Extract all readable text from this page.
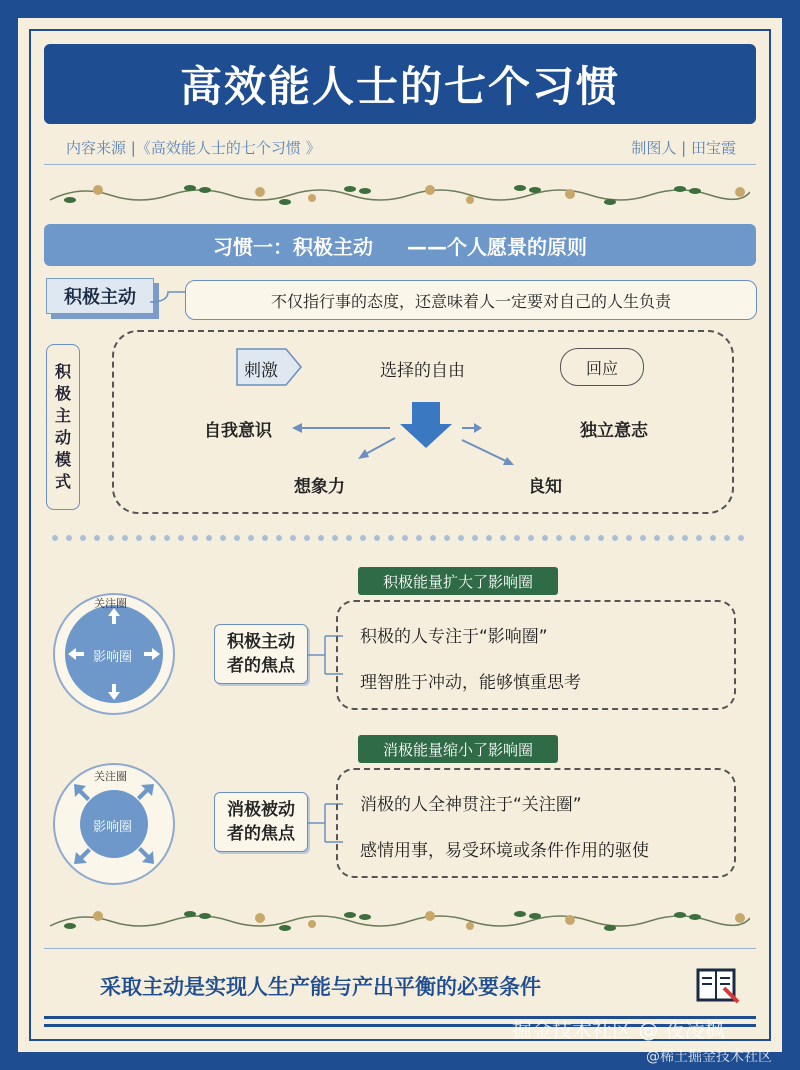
高效能人士的七个习惯
内容来源 |《高效能人士的七个习惯 》	制图人 | 田宝霞
习惯一：积极主动 ——个人愿景的原则
积极主动	不仅指行事的态度，还意味着人一定要对自己的人生负责
积
极
主
动
模
式
刺激	选择的自由	回应
自我意识	独立意志
想象力	良知
关注圈
影响圈
积极主动
者的焦点
积极能量扩大了影响圈
积极的人专注于“影响圈”
理智胜于冲动，能够慎重思考
关注圈
影响圈
消极被动
者的焦点
消极能量缩小了影响圈
消极的人全神贯注于“关注圈”
感情用事，易受环境或条件作用的驱使
采取主动是实现人生产能与产出平衡的必要条件
掘金技术社区 @ 夜凌枫
@稀土掘金技术社区
